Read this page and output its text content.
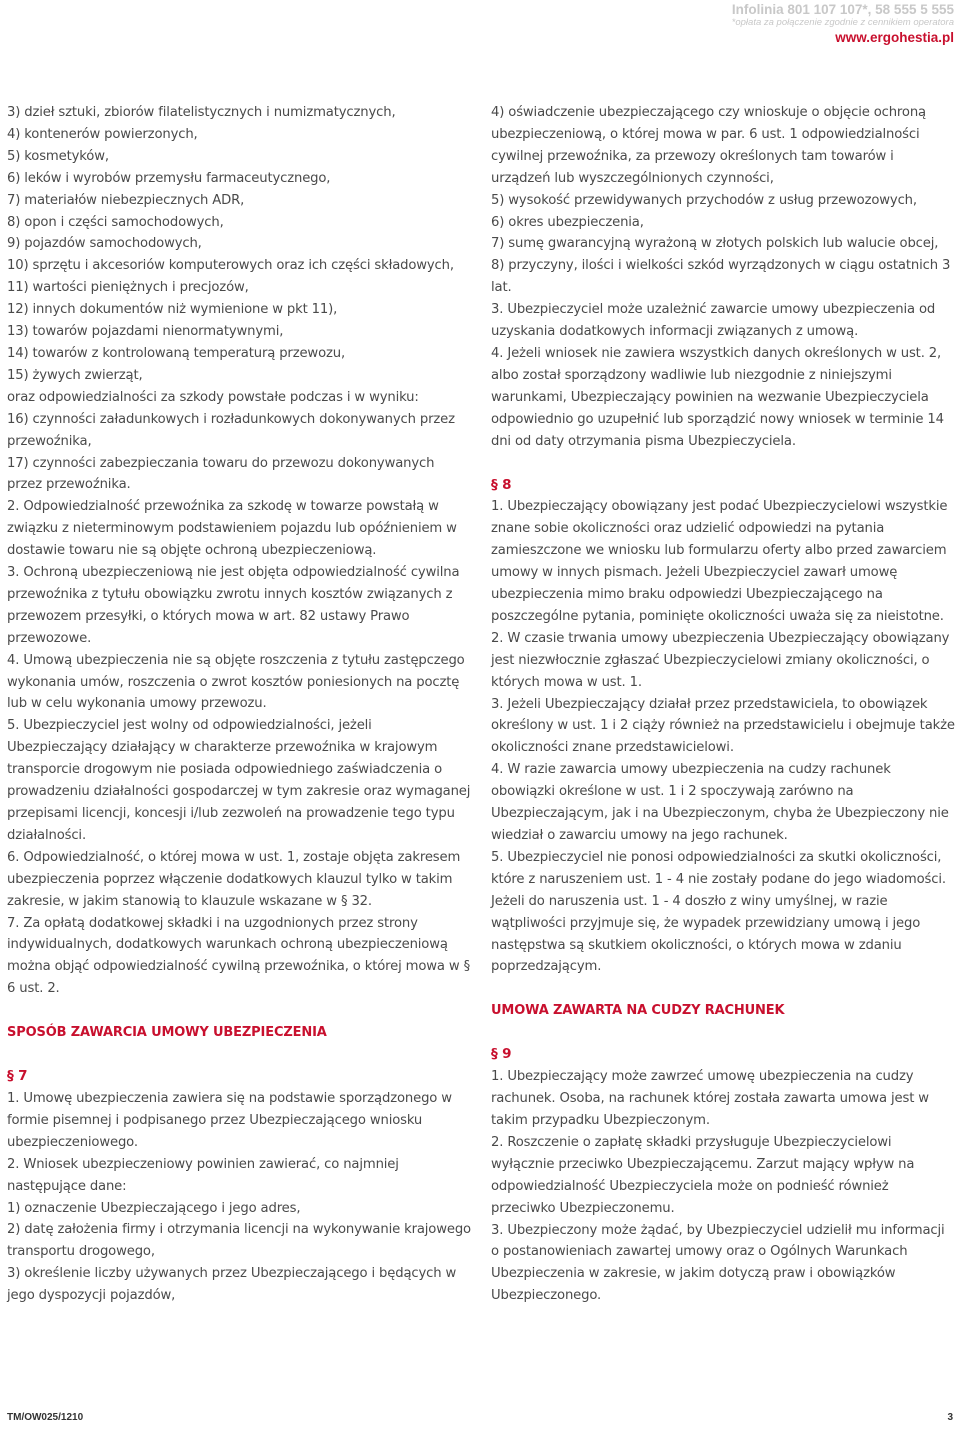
Infolinia 801 107 107*, 58 555 5 555
*opłata za połączenie zgodnie z cennikiem operatora
www.ergohestia.pl

3) dzieł sztuki, zbiorów filatelistycznych i numizmatycznych,

4) kontenerów powierzonych,

5) kosmetyków,

6) leków i wyrobów przemysłu farmaceutycznego,

7) materiałów niebezpiecznych ADR,

8) opon i części samochodowych,

9) pojazdów samochodowych,

10) sprzętu i akcesoriów komputerowych oraz ich części składowych,

11) wartości pieniężnych i precjozów,

12) innych dokumentów niż wymienione w pkt 11),

13) towarów pojazdami nienormatywnymi,

14) towarów z kontrolowaną temperaturą przewozu,

15) żywych zwierząt,

oraz odpowiedzialności za szkody powstałe podczas i w wyniku:

16) czynności załadunkowych i rozładunkowych dokonywanych przez przewoźnika,

17) czynności zabezpieczania towaru do przewozu dokonywanych przez przewoźnika.

2. Odpowiedzialność przewoźnika za szkodę w towarze powstałą w związku z nieterminowym podstawieniem pojazdu lub opóźnieniem w dostawie towaru nie są objęte ochroną ubezpieczeniową.

3. Ochroną ubezpieczeniową nie jest objęta odpowiedzialność cywilna przewoźnika z tytułu obowiązku zwrotu innych kosztów związanych z przewozem przesyłki, o których mowa w art. 82 ustawy Prawo przewozowe.

4. Umową ubezpieczenia nie są objęte roszczenia z tytułu zastępczego wykonania umów, roszczenia o zwrot kosztów poniesionych na pocztę lub w celu wykonania umowy przewozu.

5. Ubezpieczyciel jest wolny od odpowiedzialności, jeżeli Ubezpieczający działający w charakterze przewoźnika w krajowym transporcie drogowym nie posiada odpowiedniego zaświadczenia o prowadzeniu działalności gospodarczej w tym zakresie oraz wymaganej przepisami licencji, koncesji i/lub zezwoleń na prowadzenie tego typu działalności.

6. Odpowiedzialność, o której mowa w ust. 1, zostaje objęta zakresem ubezpieczenia poprzez włączenie dodatkowych klauzul tylko w takim zakresie, w jakim stanowią to klauzule wskazane w § 32.

7. Za opłatą dodatkowej składki i na uzgodnionych przez strony indywidualnych, dodatkowych warunkach ochroną ubezpieczeniową można objąć odpowiedzialność cywilną przewoźnika, o której mowa w § 6 ust. 2.

SPOSÓB ZAWARCIA UMOWY UBEZPIECZENIA

§ 7

1. Umowę ubezpieczenia zawiera się na podstawie sporządzonego w formie pisemnej i podpisanego przez Ubezpieczającego wniosku ubezpieczeniowego.

2. Wniosek ubezpieczeniowy powinien zawierać, co najmniej następujące dane:

1) oznaczenie Ubezpieczającego i jego adres,

2) datę założenia firmy i otrzymania licencji na wykonywanie krajowego transportu drogowego,

3) określenie liczby używanych przez Ubezpieczającego i będących w jego dyspozycji pojazdów,

4) oświadczenie ubezpieczającego czy wnioskuje o objęcie ochroną ubezpieczeniową, o której mowa w par. 6 ust. 1 odpowiedzialności cywilnej przewoźnika, za przewozy określonych tam towarów i urządzeń lub wyszczególnionych czynności,

5) wysokość przewidywanych przychodów z usług przewozowych,

6) okres ubezpieczenia,

7) sumę gwarancyjną wyrażoną w złotych polskich lub walucie obcej,

8) przyczyny, ilości i wielkości szkód wyrządzonych w ciągu ostatnich 3 lat.

3. Ubezpieczyciel może uzależnić zawarcie umowy ubezpieczenia od uzyskania dodatkowych informacji związanych z umową.

4. Jeżeli wniosek nie zawiera wszystkich danych określonych w ust. 2, albo został sporządzony wadliwie lub niezgodnie z niniejszymi warunkami, Ubezpieczający powinien na wezwanie Ubezpieczyciela odpowiednio go uzupełnić lub sporządzić nowy wniosek w terminie 14 dni od daty otrzymania pisma Ubezpieczyciela.

§ 8

1. Ubezpieczający obowiązany jest podać Ubezpieczycielowi wszystkie znane sobie okoliczności oraz udzielić odpowiedzi na pytania zamieszczone we wniosku lub formularzu oferty albo przed zawarciem umowy w innych pismach. Jeżeli Ubezpieczyciel zawarł umowę ubezpieczenia mimo braku odpowiedzi Ubezpieczającego na poszczególne pytania, pominięte okoliczności uważa się za nieistotne.

2. W czasie trwania umowy ubezpieczenia Ubezpieczający obowiązany jest niezwłocznie zgłaszać Ubezpieczycielowi zmiany okoliczności, o których mowa w ust. 1.

3. Jeżeli Ubezpieczający działał przez przedstawiciela, to obowiązek określony w ust. 1 i 2 ciąży również na przedstawicielu i obejmuje także okoliczności znane przedstawicielowi.

4. W razie zawarcia umowy ubezpieczenia na cudzy rachunek obowiązki określone w ust. 1 i 2 spoczywają zarówno na Ubezpieczającym, jak i na Ubezpieczonym, chyba że Ubezpieczony nie wiedział o zawarciu umowy na jego rachunek.

5. Ubezpieczyciel nie ponosi odpowiedzialności za skutki okoliczności, które z naruszeniem ust. 1 - 4 nie zostały podane do jego wiadomości. Jeżeli do naruszenia ust. 1 - 4 doszło z winy umyślnej, w razie wątpliwości przyjmuje się, że wypadek przewidziany umową i jego następstwa są skutkiem okoliczności, o których mowa w zdaniu poprzedzającym.

UMOWA ZAWARTA NA CUDZY RACHUNEK

§ 9

1. Ubezpieczający może zawrzeć umowę ubezpieczenia na cudzy rachunek. Osoba, na rachunek której została zawarta umowa jest w takim przypadku Ubezpieczonym.

2. Roszczenie o zapłatę składki przysługuje Ubezpieczycielowi wyłącznie przeciwko Ubezpieczającemu. Zarzut mający wpływ na odpowiedzialność Ubezpieczyciela może on podnieść również przeciwko Ubezpieczonemu.

3. Ubezpieczony może żądać, by Ubezpieczyciel udzielił mu informacji o postanowieniach zawartej umowy oraz o Ogólnych Warunkach Ubezpieczenia w zakresie, w jakim dotyczą praw i obowiązków Ubezpieczonego.

TM/OW025/1210	3
